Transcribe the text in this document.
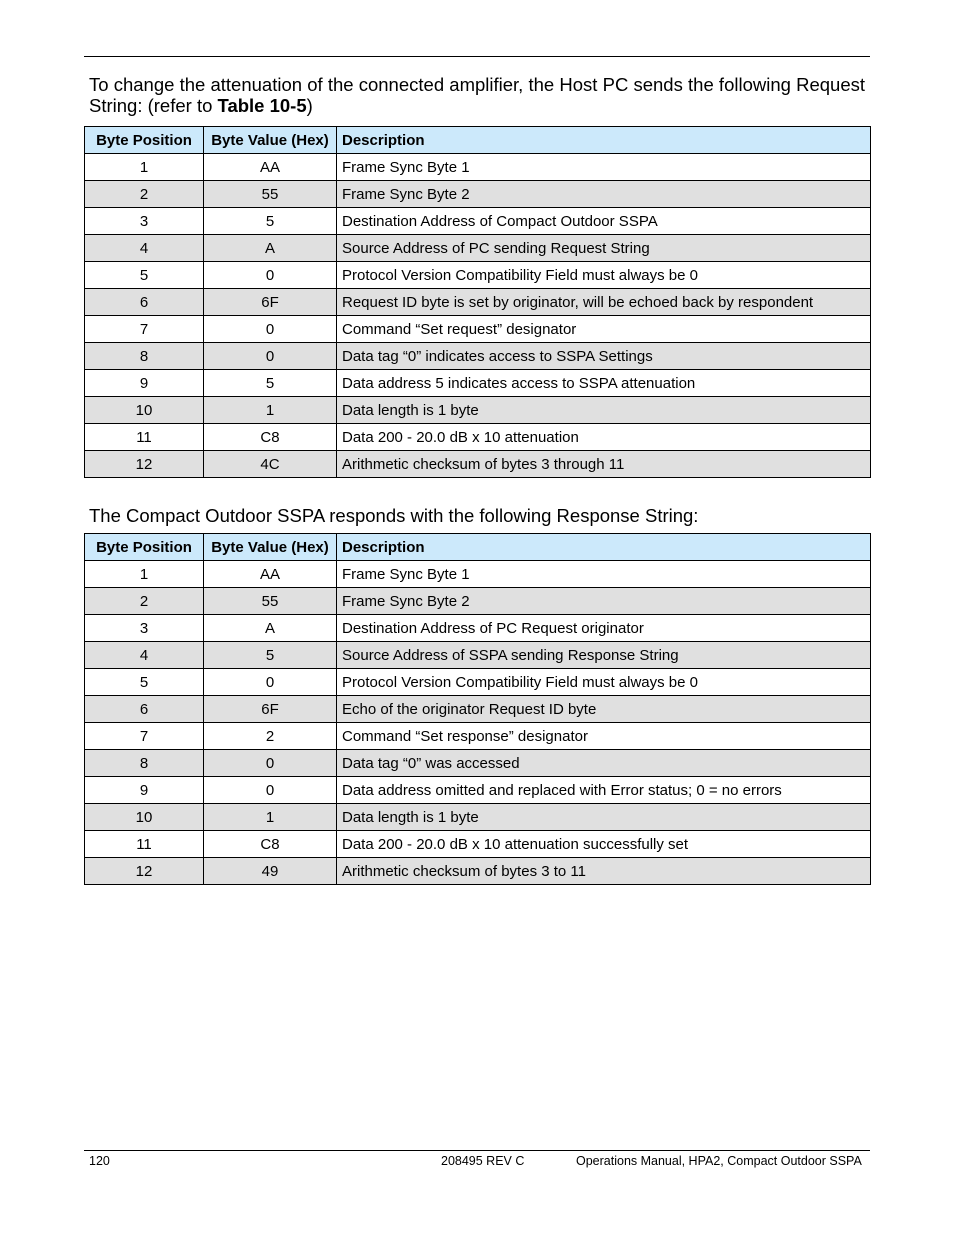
To change the attenuation of the connected amplifier, the Host PC sends the following Request String: (refer to Table 10-5)

Byte Position	Byte Value (Hex)	Description
1	AA	Frame Sync Byte 1
2	55	Frame Sync Byte 2
3	5	Destination Address of Compact Outdoor SSPA
4	A	Source Address of PC sending Request String
5	0	Protocol Version Compatibility Field must always be 0
6	6F	Request ID byte is set by originator, will be echoed back by respondent
7	0	Command “Set request” designator
8	0	Data tag “0” indicates access to SSPA Settings
9	5	Data address 5 indicates access to SSPA attenuation
10	1	Data length is 1 byte
11	C8	Data 200 - 20.0 dB x 10 attenuation
12	4C	Arithmetic checksum of bytes 3 through 11

The Compact Outdoor SSPA responds with the following Response String:

Byte Position	Byte Value (Hex)	Description
1	AA	Frame Sync Byte 1
2	55	Frame Sync Byte 2
3	A	Destination Address of PC Request originator
4	5	Source Address of SSPA sending Response String
5	0	Protocol Version Compatibility Field must always be 0
6	6F	Echo of the originator Request ID byte
7	2	Command “Set response” designator
8	0	Data tag “0” was accessed
9	0	Data address omitted and replaced with Error status; 0 = no errors
10	1	Data length is 1 byte
11	C8	Data 200 - 20.0 dB x 10 attenuation successfully set
12	49	Arithmetic checksum of bytes 3 to 11
120	208495 REV C	Operations Manual, HPA2, Compact Outdoor SSPA
